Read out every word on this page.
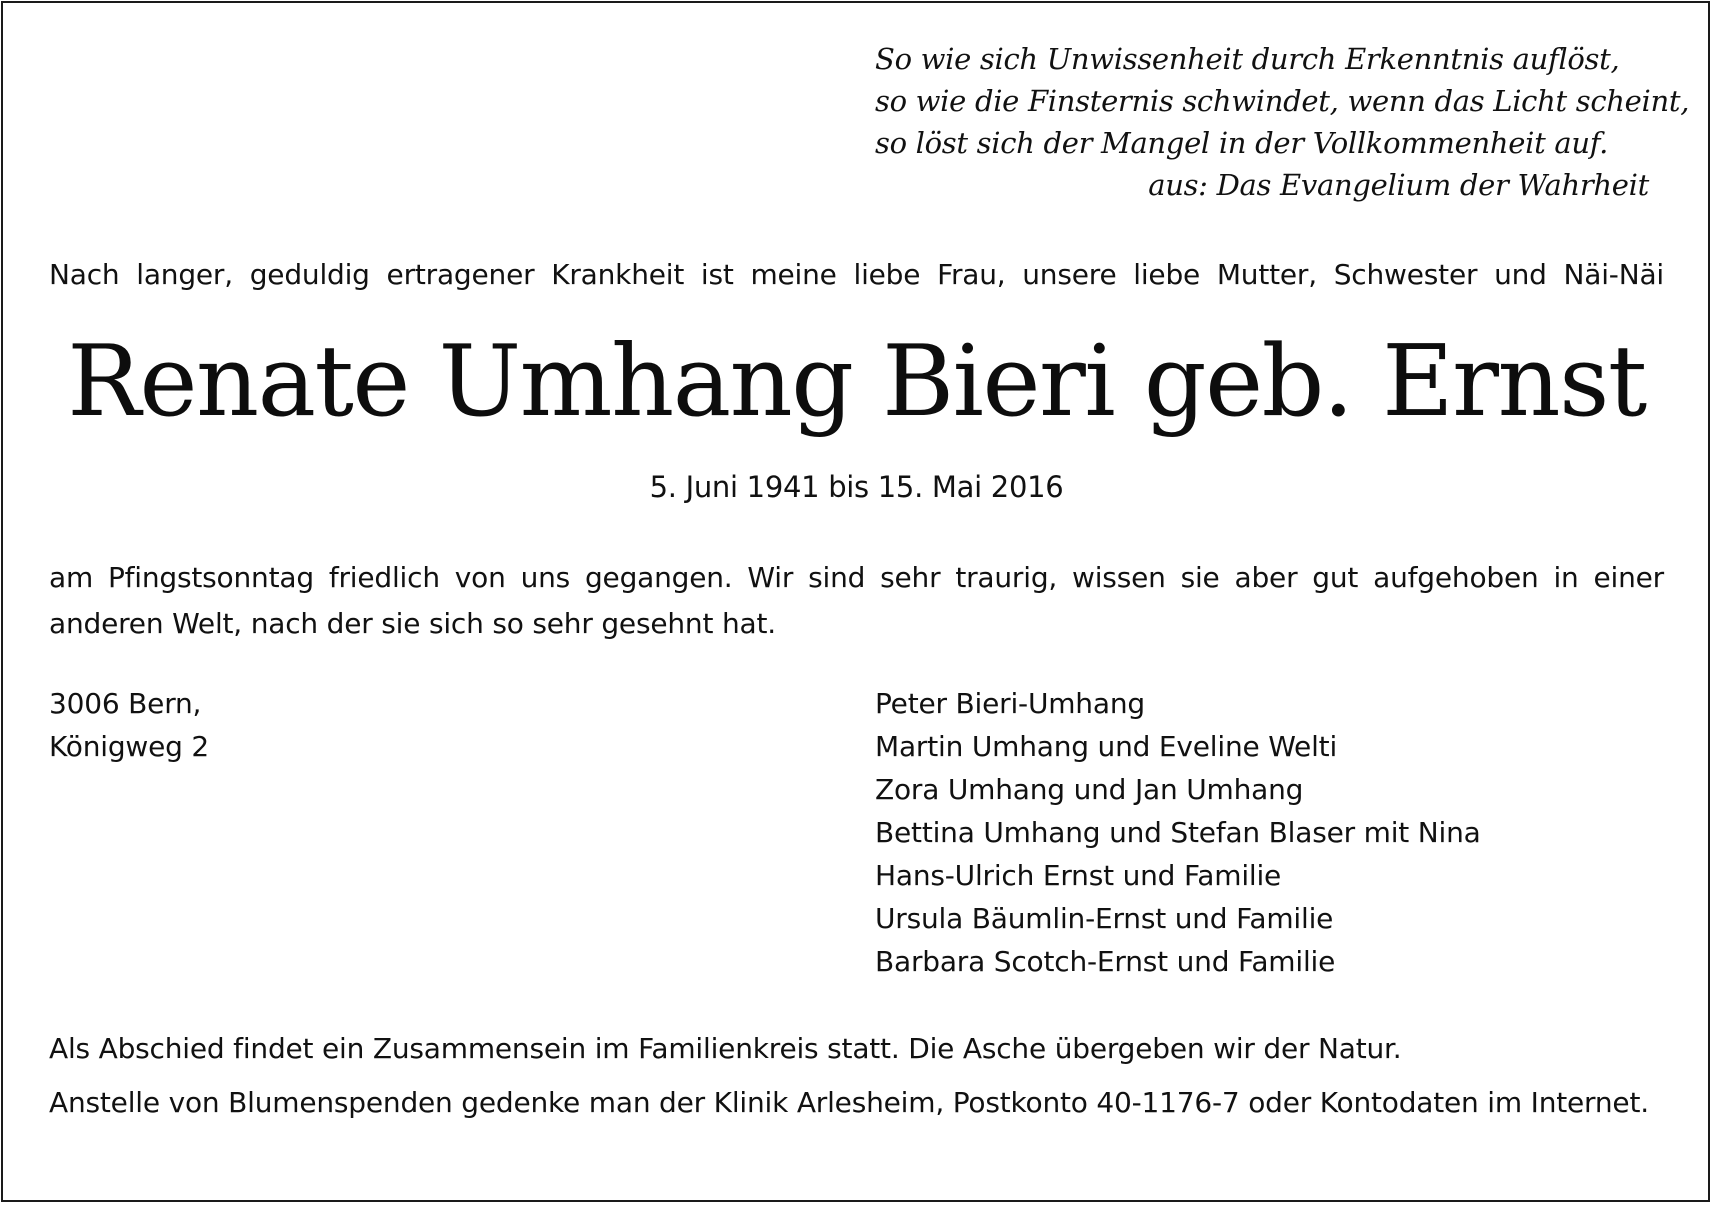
So wie sich Unwissenheit durch Erkenntnis auflöst,
so wie die Finsternis schwindet, wenn das Licht scheint,
so löst sich der Mangel in der Vollkommenheit auf.
aus: Das Evangelium der Wahrheit
Nach langer, geduldig ertragener Krankheit ist meine liebe Frau, unsere liebe Mutter, Schwester und Näi-Näi
Renate Umhang Bieri geb. Ernst
5. Juni 1941 bis 15. Mai 2016
am Pfingstsonntag friedlich von uns gegangen. Wir sind sehr traurig, wissen sie aber gut aufgehoben in einer anderen Welt, nach der sie sich so sehr gesehnt hat.
3006 Bern,
Königweg 2
Peter Bieri-Umhang
Martin Umhang und Eveline Welti
Zora Umhang und Jan Umhang
Bettina Umhang und Stefan Blaser mit Nina
Hans-Ulrich Ernst und Familie
Ursula Bäumlin-Ernst und Familie
Barbara Scotch-Ernst und Familie
Als Abschied findet ein Zusammensein im Familienkreis statt. Die Asche übergeben wir der Natur.
Anstelle von Blumenspenden gedenke man der Klinik Arlesheim, Postkonto 40-1176-7 oder Kontodaten im Internet.
